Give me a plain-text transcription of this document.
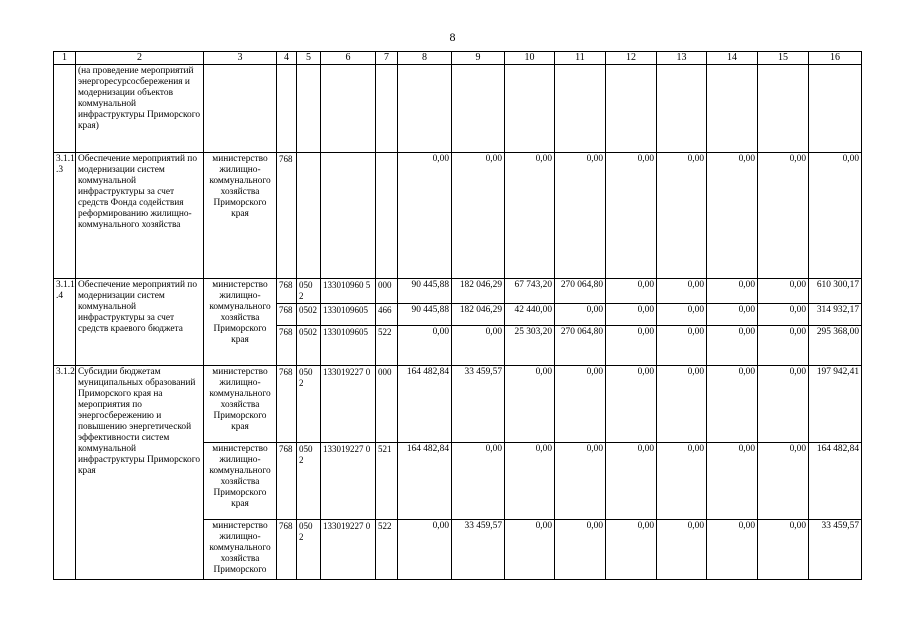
8
1	2	3	4	5	6	7	8	9	10	11	12	13	14	15	16
	(на проведение мероприятий энергоресурсосбережения и модернизации объектов коммунальной инфраструктуры Приморского края)														
3.1.1 .3	Обеспечение мероприятий по модернизации систем коммунальной инфраструктуры за счет средств Фонда содействия реформированию жилищно-коммунального хозяйства	министерство жилищно-коммунального хозяйства Приморского края	768				0,00	0,00	0,00	0,00	0,00	0,00	0,00	0,00	0,00
3.1.1 .4	Обеспечение мероприятий по модернизации систем коммунальной инфраструктуры за счет средств краевого бюджета	министерство жилищно-коммунального хозяйства Приморского края	768	050 2	133010960 5	000	90 445,88	182 046,29	67 743,20	270 064,80	0,00	0,00	0,00	0,00	610 300,17
			768	0502	1330109605	466	90 445,88	182 046,29	42 440,00	0,00	0,00	0,00	0,00	0,00	314 932,17
			768	0502	1330109605	522	0,00	0,00	25 303,20	270 064,80	0,00	0,00	0,00	0,00	295 368,00
3.1.2	Субсидии бюджетам муниципальных образований Приморского края на мероприятия по энергосбережению и повышению энергетической эффективности систем коммунальной инфраструктуры Приморского края	министерство жилищно-коммунального хозяйства Приморского края	768	050 2	133019227 0	000	164 482,84	33 459,57	0,00	0,00	0,00	0,00	0,00	0,00	197 942,41
		министерство жилищно-коммунального хозяйства Приморского края	768	050 2	133019227 0	521	164 482,84	0,00	0,00	0,00	0,00	0,00	0,00	0,00	164 482,84
		министерство жилищно-коммунального хозяйства Приморского	768	050 2	133019227 0	522	0,00	33 459,57	0,00	0,00	0,00	0,00	0,00	0,00	33 459,57
